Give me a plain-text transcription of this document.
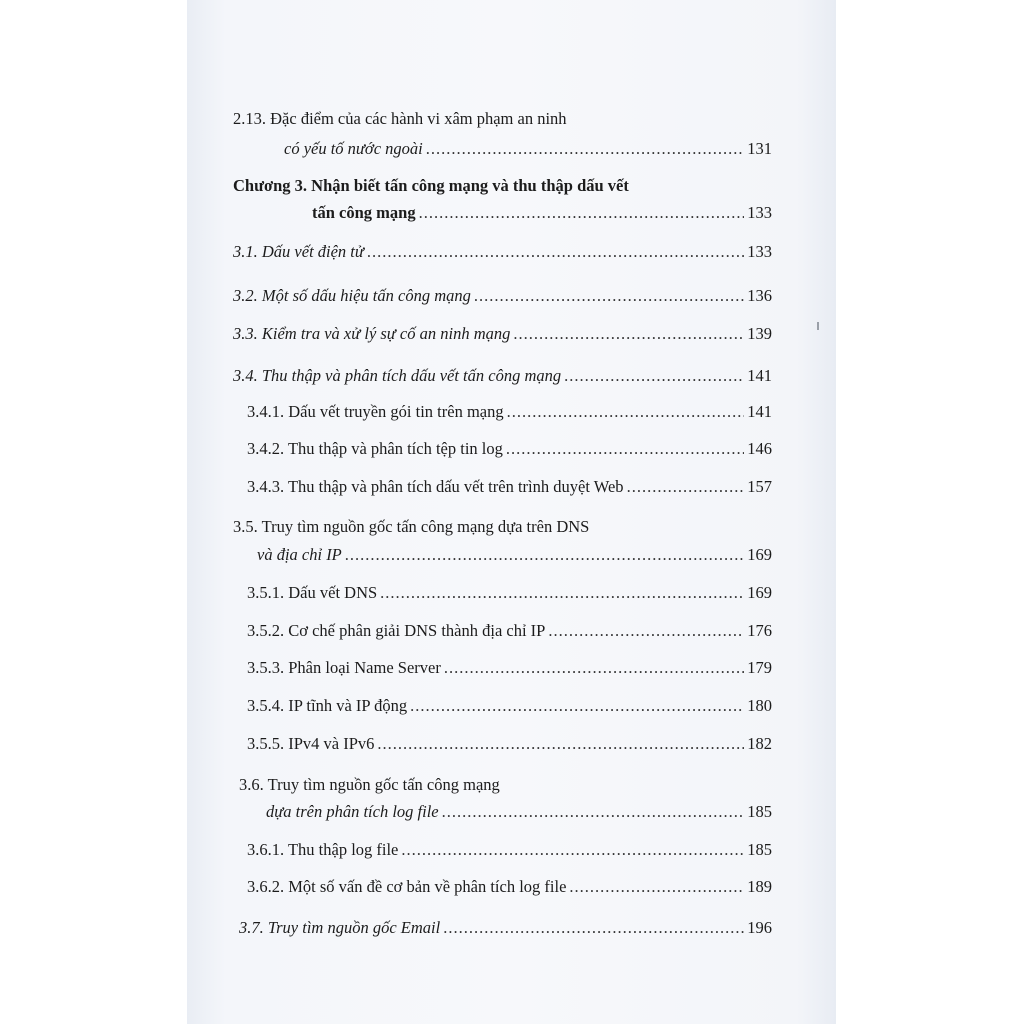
2.13. Đặc điểm của các hành vi xâm phạm an ninh
có yếu tố nước ngoài .....	131
Chương 3. Nhận biết tấn công mạng và thu thập dấu vết
tấn công mạng .....	133
3.1. Dấu vết điện tử .....	133
3.2. Một số dấu hiệu tấn công mạng .....	136
3.3. Kiểm tra và xử lý sự cố an ninh mạng .....	139
3.4. Thu thập và phân tích dấu vết tấn công mạng .....	141
3.4.1. Dấu vết truyền gói tin trên mạng .....	141
3.4.2. Thu thập và phân tích tệp tin log .....	146
3.4.3. Thu thập và phân tích dấu vết trên trình duyệt Web .....	157
3.5. Truy tìm nguồn gốc tấn công mạng dựa trên DNS
và địa chỉ IP .....	169
3.5.1. Dấu vết DNS .....	169
3.5.2. Cơ chế phân giải DNS thành địa chỉ IP .....	176
3.5.3. Phân loại Name Server .....	179
3.5.4. IP tĩnh và IP động .....	180
3.5.5. IPv4 và IPv6 .....	182
3.6. Truy tìm nguồn gốc tấn công mạng
dựa trên phân tích log file .....	185
3.6.1. Thu thập log file .....	185
3.6.2. Một số vấn đề cơ bản về phân tích log file .....	189
3.7. Truy tìm nguồn gốc Email .....	196
